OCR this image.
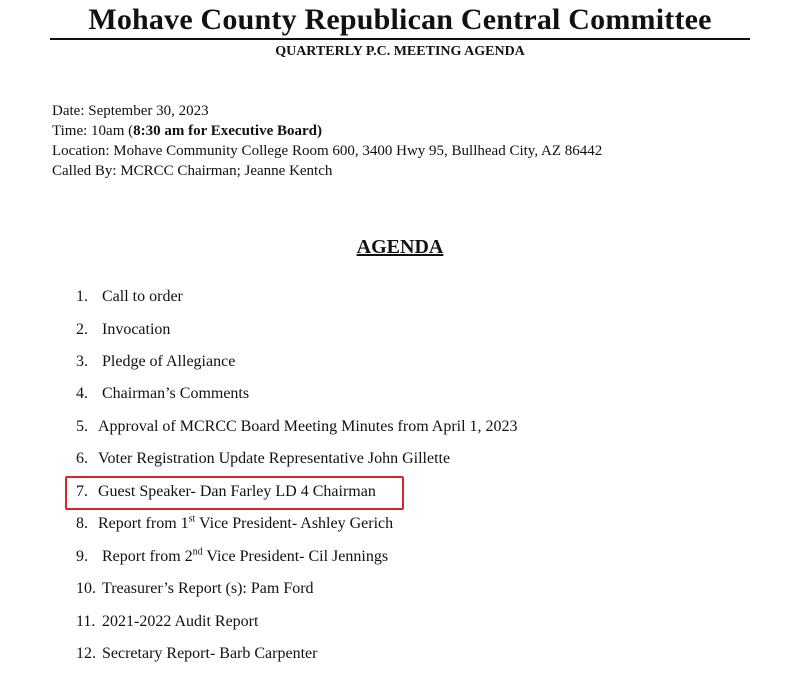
Mohave County Republican Central Committee
QUARTERLY P.C. MEETING AGENDA
Date: September 30, 2023
Time: 10am (8:30 am for Executive Board)
Location: Mohave Community College Room 600, 3400 Hwy 95, Bullhead City, AZ 86442
Called By: MCRCC Chairman; Jeanne Kentch
AGENDA
1. Call to order
2. Invocation
3. Pledge of Allegiance
4. Chairman’s Comments
5. Approval of MCRCC Board Meeting Minutes from April 1, 2023
6. Voter Registration Update Representative John Gillette
7. Guest Speaker- Dan Farley LD 4 Chairman
8. Report from 1st Vice President- Ashley Gerich
9. Report from 2nd Vice President- Cil Jennings
10. Treasurer’s Report (s): Pam Ford
11. 2021-2022 Audit Report
12. Secretary Report- Barb Carpenter
